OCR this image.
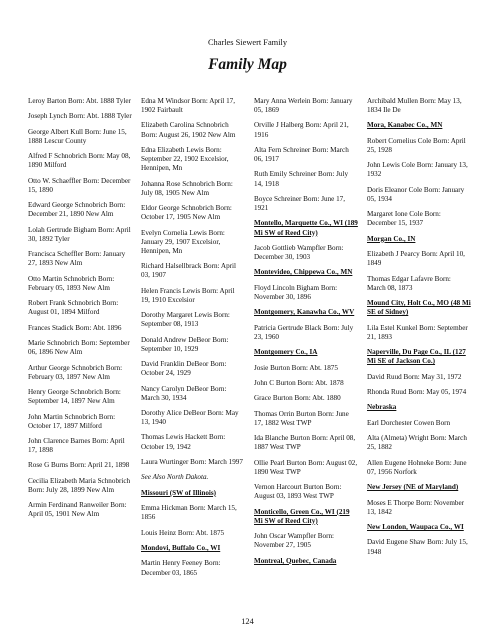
Charles Siewert Family
Family Map
Leroy Barton Born: Abt. 1888 Tyler
Joseph Lynch Born: Abt. 1888 Tyler
George Albert Kull Born: June 15, 1888 Lescur County
Alfred F Schnobrich Born: May 08, 1890 Milford
Otto W. Schaeffler Born: December 15, 1890
Edward George Schnobrich Born: December 21, 1890 New Alm
Lolah Gertrude Bigham Born: April 30, 1892 Tyler
Francisca Scheffler Born: January 27, 1893 New Alm
Otto Martin Schnobrich Born: February 05, 1893 New Alm
Robert Frank Schnobrich Born: August 01, 1894 Milford
Frances Stadick Born: Abt. 1896
Marie Schnobrich Born: September 06, 1896 New Alm
Arthur George Schnobrich Born: February 03, 1897 New Alm
Henry George Schnobrich Born: September 14, 1897 New Alm
John Martin Schnobrich Born: October 17, 1897 Milford
John Clarence Barnes Born: April 17, 1898
Rose G Burns Born: April 21, 1898
Cecilia Elizabeth Maria Schnobrich Born: July 28, 1899 New Alm
Armin Ferdinand Ranweiler Born: April 05, 1901 New Alm
Edna M Windsor Born: April 17, 1902 Fairbault
Elizabeth Carolina Schnobrich Born: August 26, 1902 New Alm
Edna Elizabeth Lewis Born: September 22, 1902 Excelsior, Hennipen, Mn
Johanna Rose Schnobrich Born: July 08, 1905 New Alm
Eldor George Schnobrich Born: October 17, 1905 New Alm
Evelyn Cornelia Lewis Born: January 29, 1907 Excelsior, Hennipen, Mn
Richard Halsellbrack Born: April 03, 1907
Helen Francis Lewis Born: April 19, 1910 Excelsior
Dorothy Margaret Lewis Born: September 08, 1913
Donald Andrew DeBeor Born: September 10, 1929
David Franklin DeBeor Born: October 24, 1929
Nancy Carolyn DeBeor Born: March 30, 1934
Dorothy Alice DeBeor Born: May 13, 1940
Thomas Lewis Hackett Born: October 19, 1942
Laura Wurtinger Born: March 1997
See Also North Dakota.
Missouri (SW of Illinois)
Emma Hickman Born: March 15, 1856
Louis Heinz Born: Abt. 1875
Mondovi, Buffalo Co., WI
Martin Henry Feeney Born: December 03, 1865
Mary Anna Werlein Born: January 05, 1869
Orville J Halberg Born: April 21, 1916
Alta Fern Schreiner Born: March 06, 1917
Ruth Emily Schreiner Born: July 14, 1918
Boyce Schreiner Born: June 17, 1921
Montello, Marquette Co., WI (189 Mi SW of Reed City)
Jacob Gottlieb Wampfler Born: December 30, 1903
Montevideo, Chippewa Co., MN
Floyd Lincoln Bigham Born: November 30, 1896
Montgomery, Kanawha Co., WV
Patricia Gertrude Black Born: July 23, 1960
Montgomery Co., IA
Josie Burton Born: Abt. 1875
John C Burton Born: Abt. 1878
Grace Burton Born: Abt. 1880
Thomas Orrin Burton Born: June 17, 1882 West TWP
Ida Blanche Burton Born: April 08, 1887 West TWP
Ollie Pearl Burton Born: August 02, 1890 West TWP
Vernon Harcourt Burton Born: August 03, 1893 West TWP
Monticello, Green Co., WI (219 Mi SW of Reed City)
John Oscar Wampfler Born: November 27, 1905
Montreal, Quebec, Canada
Archibald Mullen Born: May 13, 1834 Ile De
Mora, Kanabec Co., MN
Robert Cornelius Cole Born: April 25, 1928
John Lewis Cole Born: January 13, 1932
Doris Eleanor Cole Born: January 05, 1934
Margaret Ione Cole Born: December 15, 1937
Morgan Co., IN
Elizabeth J Pearcy Born: April 10, 1849
Thomas Edgar Lafavre Born: March 08, 1873
Mound City, Holt Co., MO (48 Mi SE of Sidney)
Lila Estel Kunkel Born: September 21, 1893
Naperville, Du Page Co., IL (127 Mi SE of Jackson Co.)
David Ruud Born: May 31, 1972
Rhonda Ruud Born: May 05, 1974
Nebraska
Earl Dorchester Cowen Born
Alta (Almeta) Wright Born: March 25, 1882
Allen Eugene Hohneke Born: June 07, 1956 Norfork
New Jersey (NE of Maryland)
Moses E Thorpe Born: November 13, 1842
New London, Waupaca Co., WI
David Eugene Shaw Born: July 15, 1948
124
